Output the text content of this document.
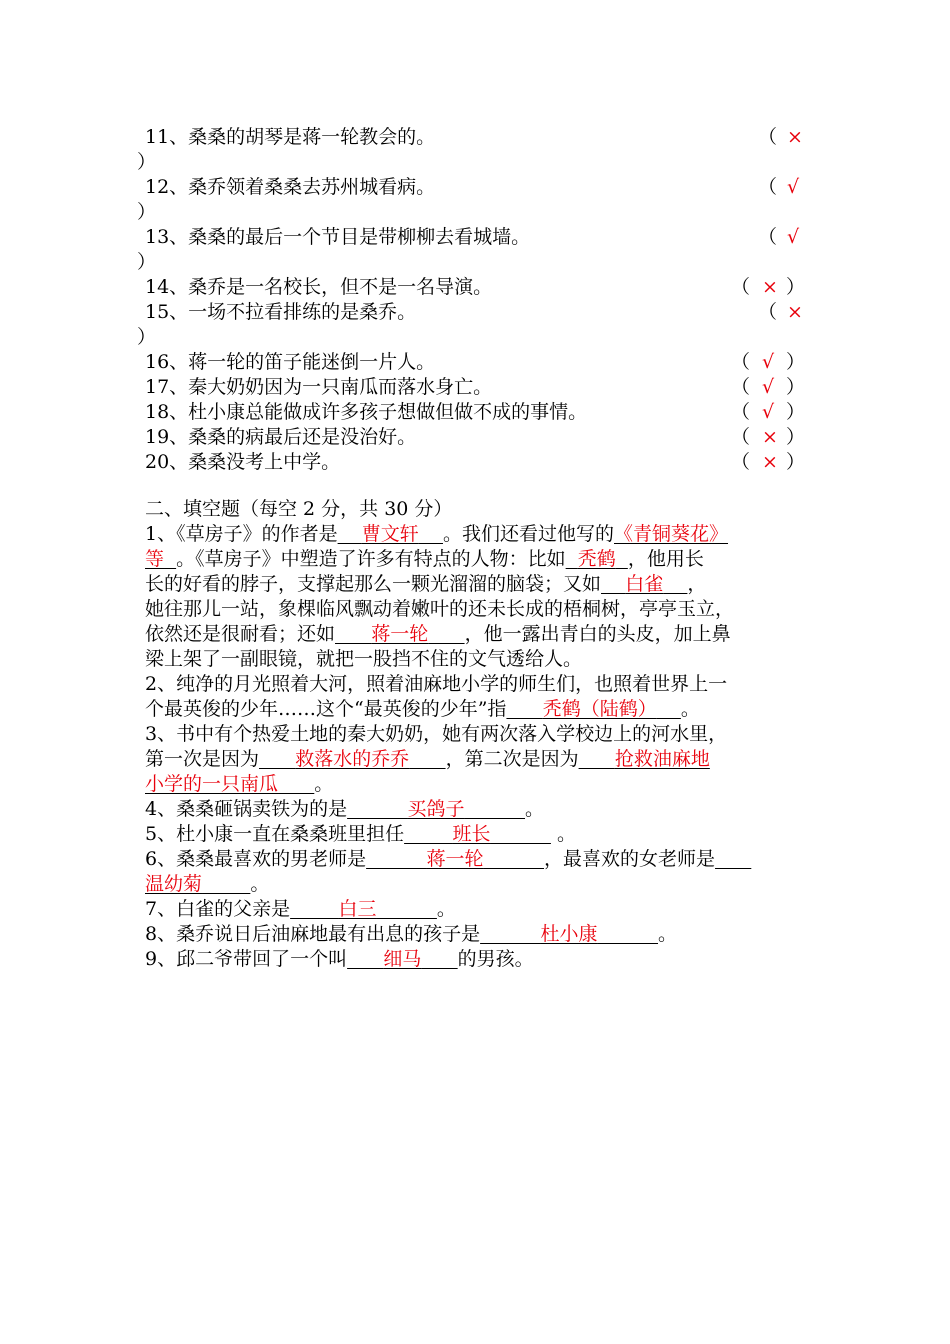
11、桑桑的胡琴是蒋一轮教会的。	（ ×
）
12、桑乔领着桑桑去苏州城看病。	（ √
）
13、桑桑的最后一个节目是带柳柳去看城墙。	（ √
）
14、桑乔是一名校长，但不是一名导演。	（ × ）
15、一场不拉看排练的是桑乔。	（ ×
）
16、蒋一轮的笛子能迷倒一片人。	（ √ ）
17、秦大奶奶因为一只南瓜而落水身亡。	（ √ ）
18、杜小康总能做成许多孩子想做但做不成的事情。	（ √ ）
19、桑桑的病最后还是没治好。	（ × ）
20、桑桑没考上中学。	（ × ）

二、填空题（每空 2 分，共 30 分）

1、《草房子》的作者是   曹文轩   。我们还看过他写的《青铜葵花》

等  。《草房子》中塑造了许多有特点的人物：比如  秃鹤  ，他用长

长的好看的脖子，支撑起那么一颗光溜溜的脑袋；又如   白雀   ，

她往那儿一站，象棵临风飘动着嫩叶的还未长成的梧桐树，亭亭玉立，

依然还是很耐看；还如    蒋一轮    ，他一露出青白的头皮，加上鼻

梁上架了一副眼镜，就把一股挡不住的文气透给人。

2、纯净的月光照着大河，照着油麻地小学的师生们，也照着世界上一

个最英俊的少年……这个“最英俊的少年”指    秃鹤（陆鹤）   。

3、书中有个热爱土地的秦大奶奶，她有两次落入学校边上的河水里，

第一次是因为    救落水的乔乔    ，第二次是因为    抢救油麻地

小学的一只南瓜    。

4、桑桑砸锅卖铁为的是     	买鸽子     	。

5、杜小康一直在桑桑班里担任    	班长     	。

6、桑桑最喜欢的男老师是     	蒋一轮     	，最喜欢的女老师是   

温幼菊    	。

7、白雀的父亲是    	白三     	。

8、桑乔说日后油麻地最有出息的孩子是     	杜小康     	。

9、邱二爷带回了一个叫    细马    的男孩。
